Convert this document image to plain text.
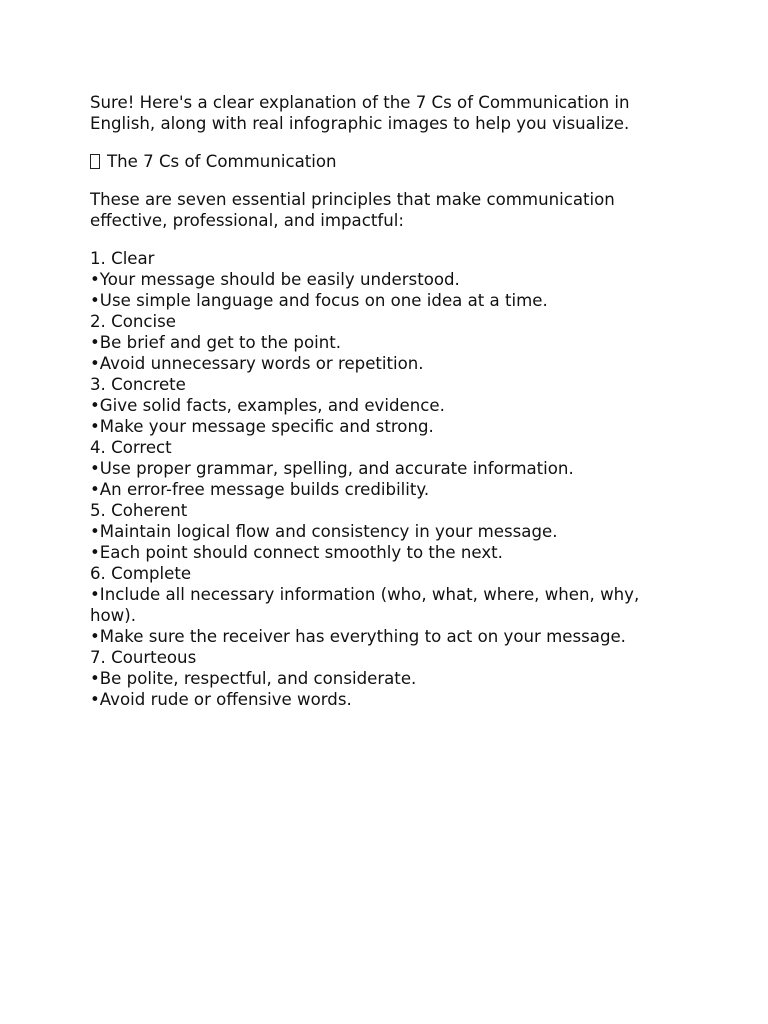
Sure! Here's a clear explanation of the 7 Cs of Communication in English, along with real infographic images to help you visualize.

The 7 Cs of Communication

These are seven essential principles that make communication effective, professional, and impactful:

1. Clear

•Your message should be easily understood.

•Use simple language and focus on one idea at a time.

2. Concise

•Be brief and get to the point.

•Avoid unnecessary words or repetition.

3. Concrete

•Give solid facts, examples, and evidence.

•Make your message specific and strong.

4. Correct

•Use proper grammar, spelling, and accurate information.

•An error-free message builds credibility.

5. Coherent

•Maintain logical flow and consistency in your message.

•Each point should connect smoothly to the next.

6. Complete

•Include all necessary information (who, what, where, when, why, how).

•Make sure the receiver has everything to act on your message.

7. Courteous

•Be polite, respectful, and considerate.

•Avoid rude or offensive words.
